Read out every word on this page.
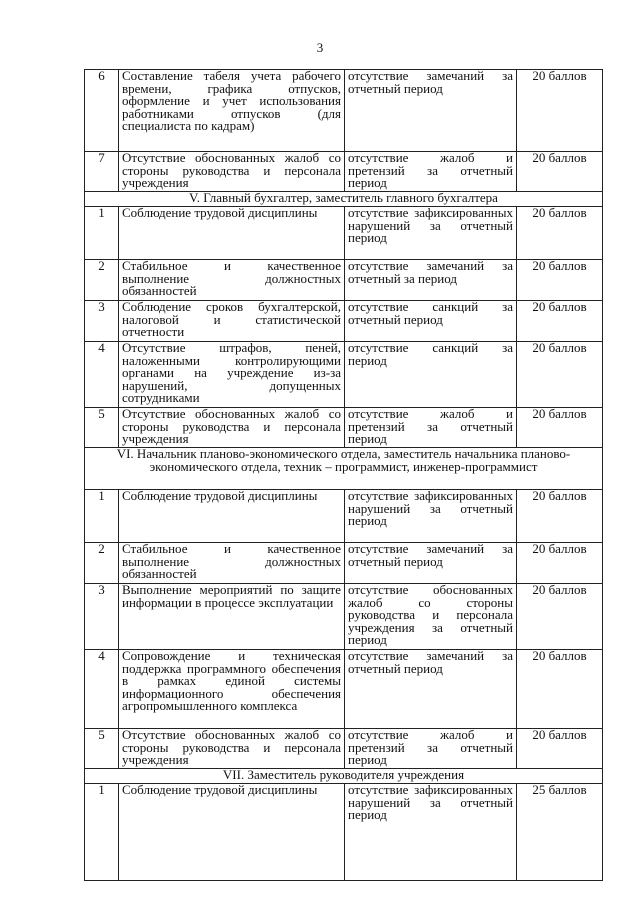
3
6	Составление табеля учета рабочего времени, графика отпусков, оформление и учет использования работниками отпусков (для специалиста по кадрам)	отсутствие замечаний за отчетный период	20 баллов
7	Отсутствие обоснованных жалоб со стороны руководства и персонала учреждения	отсутствие жалоб и претензий за отчетный период	20 баллов
V. Главный бухгалтер, заместитель главного бухгалтера			
1	Соблюдение трудовой дисциплины	отсутствие зафиксированных нарушений за отчетный период	20 баллов
2	Стабильное и качественное выполнение должностных обязанностей	отсутствие замечаний за отчетный за период	20 баллов
3	Соблюдение сроков бухгалтерской, налоговой и статистической отчетности	отсутствие санкций за отчетный период	20 баллов
4	Отсутствие штрафов, пеней, наложенными контролирующими органами на учреждение из-за нарушений, допущенных сотрудниками	отсутствие санкций за период	20 баллов
5	Отсутствие обоснованных жалоб со стороны руководства и персонала учреждения	отсутствие жалоб и претензий за отчетный период	20 баллов
VI. Начальник планово-экономического отдела, заместитель начальника планово-экономического отдела, техник – программист, инженер-программист			
1	Соблюдение трудовой дисциплины	отсутствие зафиксированных нарушений за отчетный период	20 баллов
2	Стабильное и качественное выполнение должностных обязанностей	отсутствие замечаний за отчетный период	20 баллов
3	Выполнение мероприятий по защите информации в процессе эксплуатации	отсутствие обоснованных жалоб со стороны руководства и персонала учреждения за отчетный период	20 баллов
4	Сопровождение и техническая поддержка программного обеспечения в рамках единой системы информационного обеспечения агропромышленного комплекса	отсутствие замечаний за отчетный период	20 баллов
5	Отсутствие обоснованных жалоб со стороны руководства и персонала учреждения	отсутствие жалоб и претензий за отчетный период	20 баллов
VII. Заместитель руководителя учреждения			
1	Соблюдение трудовой дисциплины	отсутствие зафиксированных нарушений за отчетный период	25 баллов
